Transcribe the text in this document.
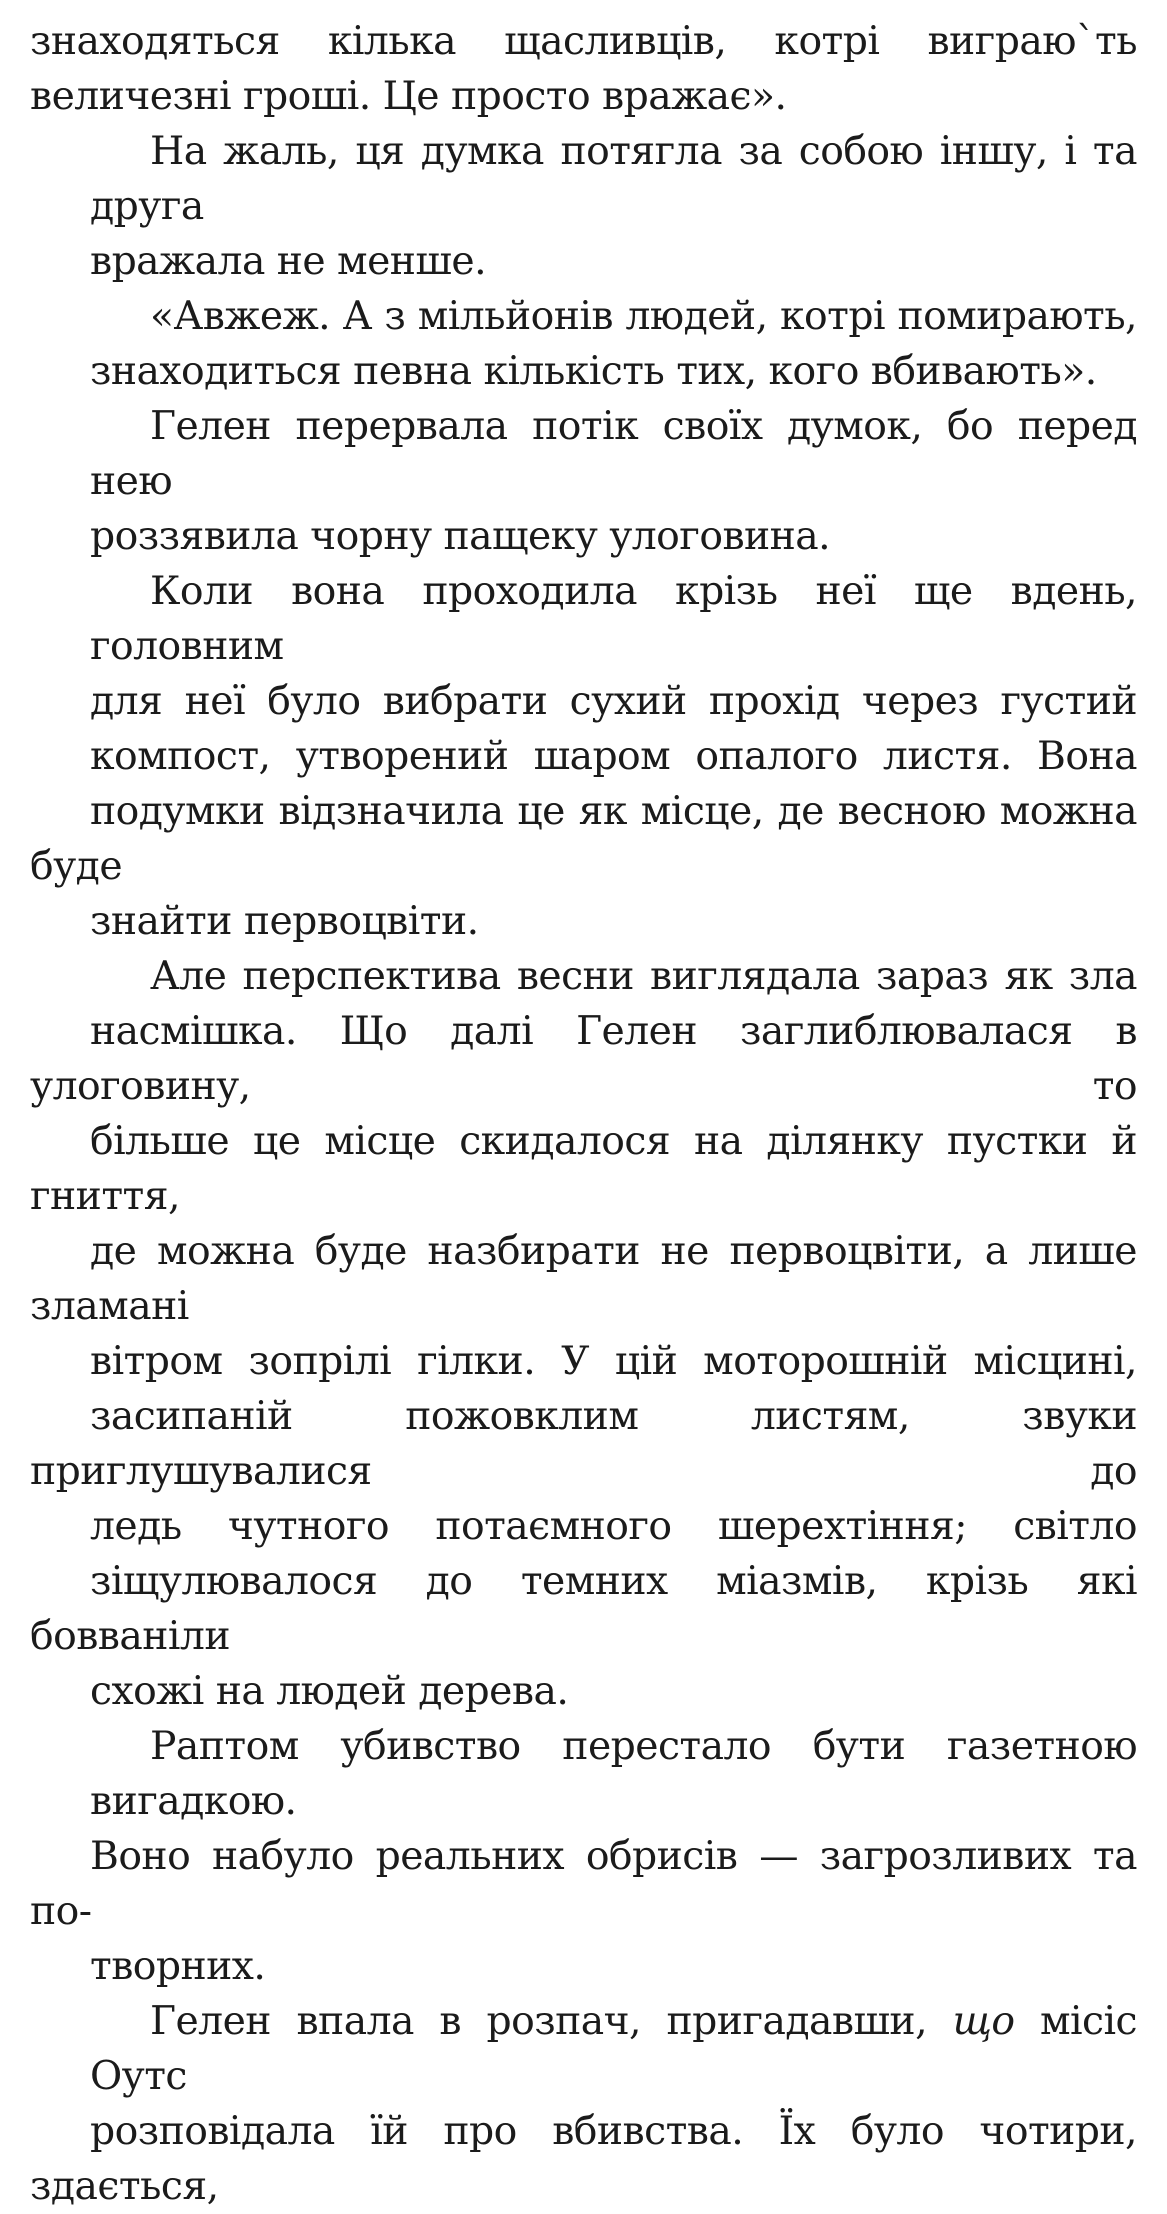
знаходяться кілька щасливців, котрі виграю`ть
величезні гроші. Це просто вражає».
На жаль, ця думка потягла за собою іншу, і та друга
вражала не менше.
«Авжеж. А з мільйонів людей, котрі помирають,
знаходиться певна кількість тих, кого вбивають».
Гелен перервала потік своїх думок, бо перед нею
роззявила чорну пащеку улоговина.
Коли вона проходила крізь неї ще вдень, головним
для неї було вибрати сухий прохід через густий
компост, утворений шаром опалого листя. Вона
подумки відзначила це як місце, де весною можна буде
знайти первоцвіти.
Але перспектива весни виглядала зараз як зла
насмішка. Що далі Гелен заглиблювалася в улоговину, то
більше це місце скидалося на ділянку пустки й гниття,
де можна буде назбирати не первоцвіти, а лише зламані
вітром зопрілі гілки. У цій моторошній місцині,
засипаній пожовклим листям, звуки приглушувалися до
ледь чутного потаємного шерехтіння; світло
зіщулювалося до темних міазмів, крізь які бовваніли
схожі на людей дерева.
Раптом убивство перестало бути газетною вигадкою.
Воно набуло реальних обрисів — загрозливих та по-
творних.
Гелен впала в розпач, пригадавши, що місіс Оутс
розповідала їй про вбивства. Їх було чотири, здається,
